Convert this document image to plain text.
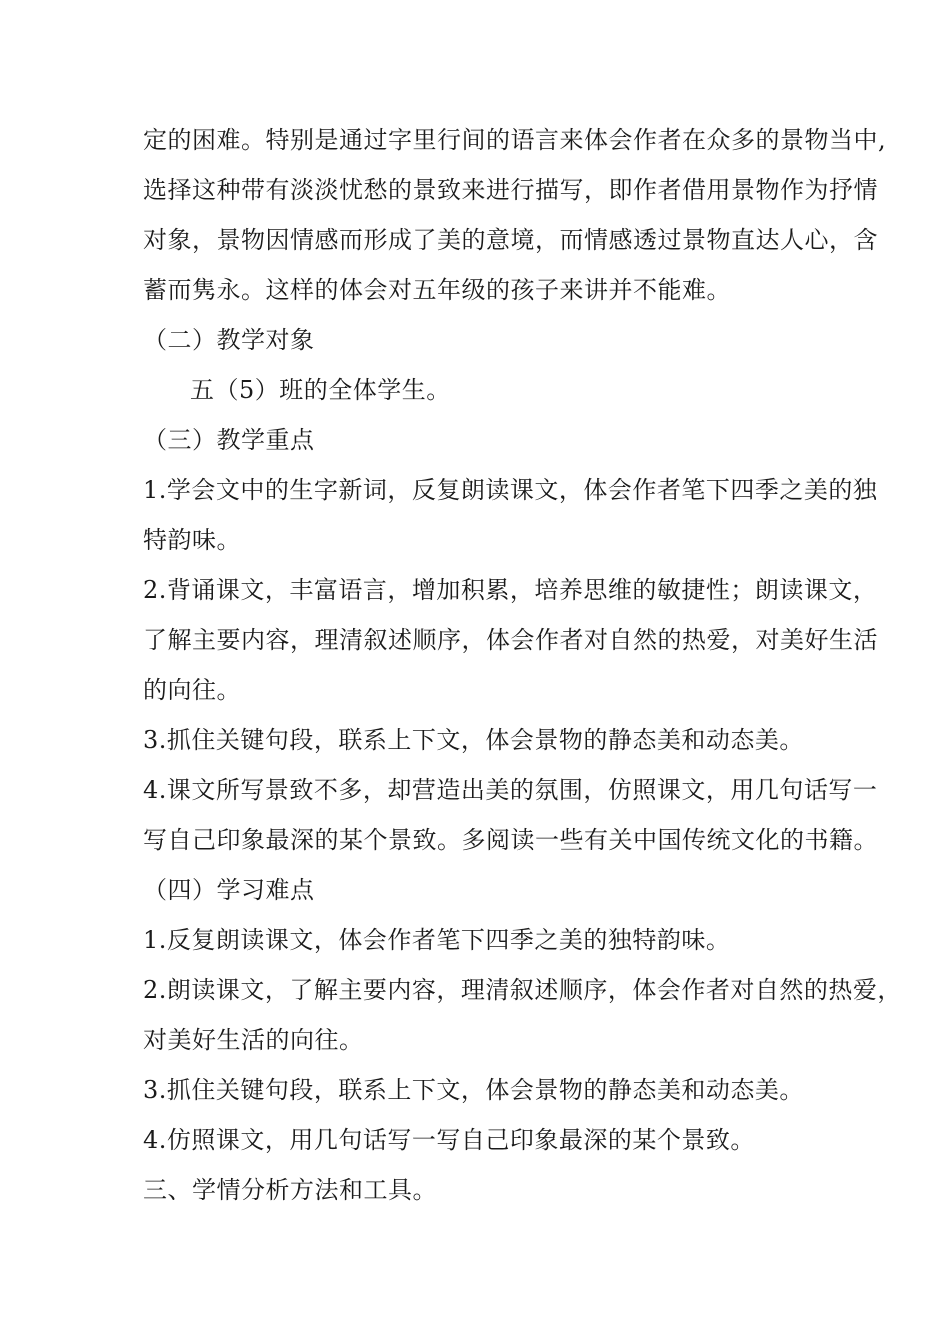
定的困难。特别是通过字里行间的语言来体会作者在众多的景物当中,
选择这种带有淡淡忧愁的景致来进行描写，即作者借用景物作为抒情
对象，景物因情感而形成了美的意境，而情感透过景物直达人心，含
蓄而隽永。这样的体会对五年级的孩子来讲并不能难。
（二）教学对象
五（5）班的全体学生。
（三）教学重点
1.学会文中的生字新词，反复朗读课文，体会作者笔下四季之美的独
特韵味。
2.背诵课文，丰富语言，增加积累，培养思维的敏捷性；朗读课文，
了解主要内容，理清叙述顺序，体会作者对自然的热爱，对美好生活
的向往。
3.抓住关键句段，联系上下文，体会景物的静态美和动态美。
4.课文所写景致不多，却营造出美的氛围，仿照课文，用几句话写一
写自己印象最深的某个景致。多阅读一些有关中国传统文化的书籍。
（四）学习难点
1.反复朗读课文，体会作者笔下四季之美的独特韵味。
2.朗读课文，了解主要内容，理清叙述顺序，体会作者对自然的热爱，
对美好生活的向往。
3.抓住关键句段，联系上下文，体会景物的静态美和动态美。
4.仿照课文，用几句话写一写自己印象最深的某个景致。
三、学情分析方法和工具。
